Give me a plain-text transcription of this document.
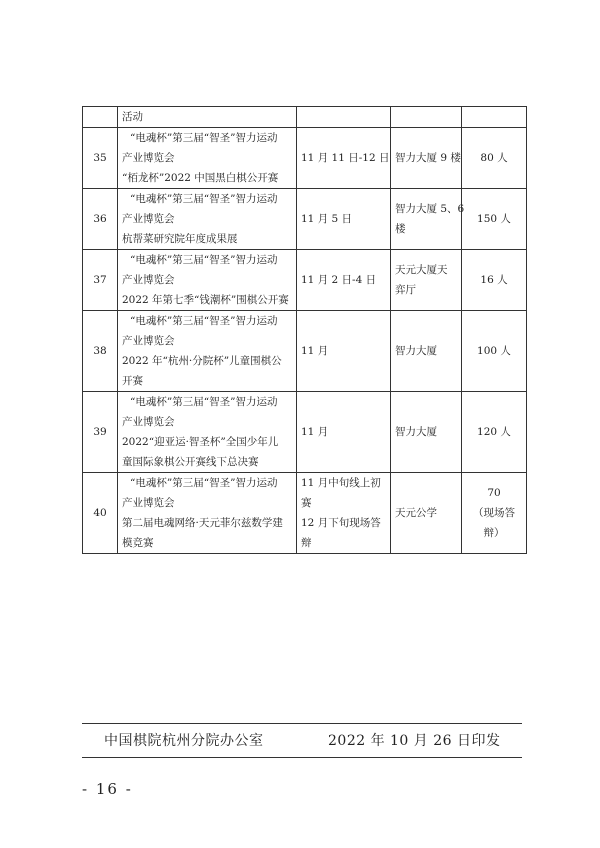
	活动			

35	“电魂杯”第三届“智圣”智力运动
产业博览会
“栢龙杯”2022 中国黑白棋公开赛	11 月 11 日-12 日	智力大厦 9 楼	80 人

36	“电魂杯”第三届“智圣”智力运动
产业博览会
杭帮菜研究院年度成果展	11 月 5 日	智力大厦 5、6
楼	150 人

37	“电魂杯”第三届“智圣”智力运动
产业博览会
2022 年第七季“钱潮杯”围棋公开赛	11 月 2 日-4 日	天元大厦天
弈厅	16 人

38	“电魂杯”第三届“智圣”智力运动
产业博览会
2022 年“杭州·分院杯”儿童围棋公
开赛	11 月	智力大厦	100 人

39	“电魂杯”第三届“智圣”智力运动
产业博览会
2022“迎亚运·智圣杯”全国少年儿
童国际象棋公开赛线下总决赛	11 月	智力大厦	120 人

40	“电魂杯”第三届“智圣”智力运动
产业博览会
第二届电魂网络·天元菲尔兹数学建
模竞赛	11 月中旬线上初
赛
12 月下旬现场答
辩	天元公学	70
（现场答
辩）
中国棋院杭州分院办公室	2022 年 10 月 26 日印发
- 16 -
